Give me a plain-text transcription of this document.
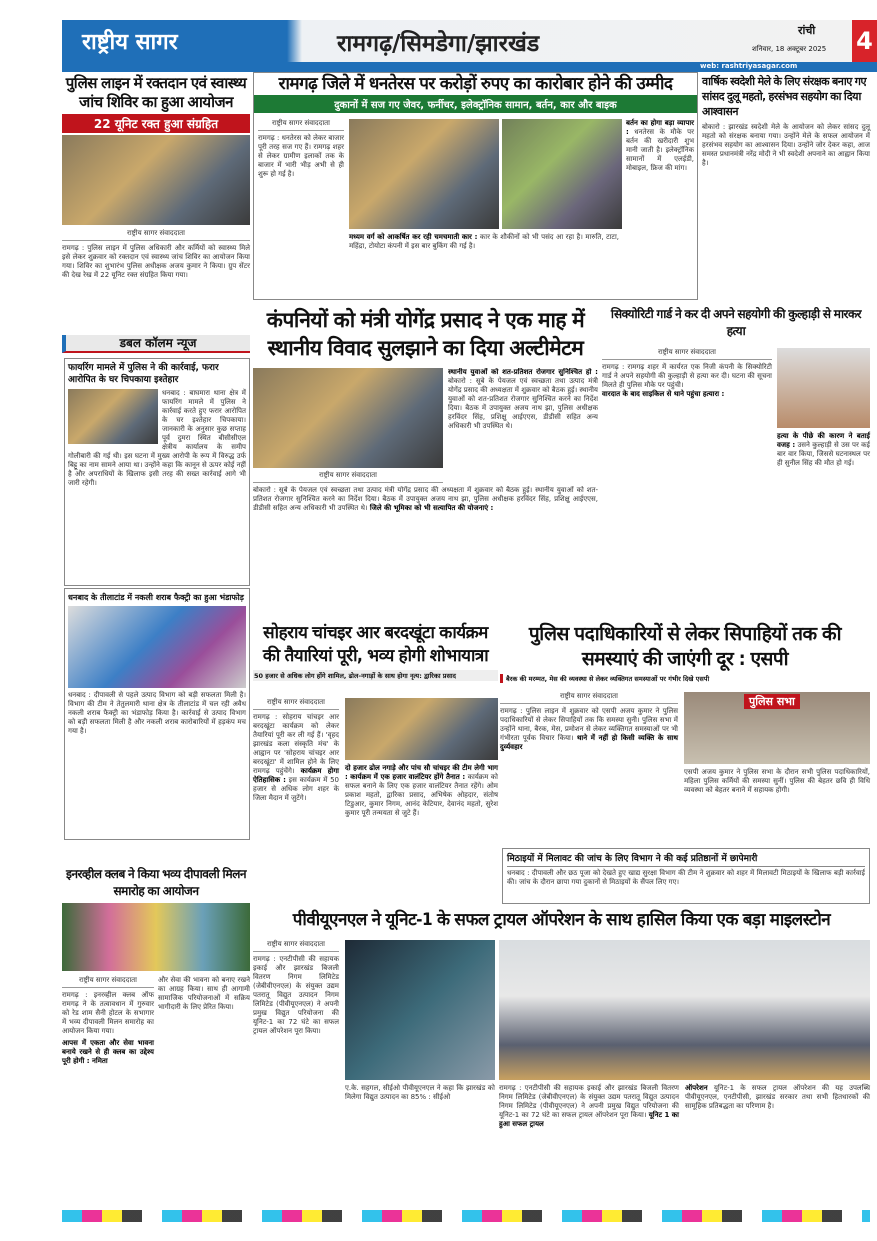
राष्ट्रीय सागर	रामगढ़/सिमडेगा/झारखंड
रांची
शनिवार, 18 अक्टूबर 2025 4
web: rashtriyasagar.com
पुलिस लाइन में रक्तदान एवं स्वास्थ्य जांच शिविर का हुआ आयोजन
22 यूनिट रक्त हुआ संग्रहित
राष्ट्रीय सागर संवाददाता
रामगढ़ : पुलिस लाइन में पुलिस अधिकारी और कर्मियों को स्वास्थ्य मिले इसे लेकर शुक्रवार को रक्तदान एवं स्वास्थ्य जांच शिविर का आयोजन किया गया। शिविर का शुभारंभ पुलिस अधीक्षक अजय कुमार ने किया। ग्रुप सेंटर की देख रेख में 22 यूनिट रक्त संग्रहित किया गया।
रामगढ़ जिले में धनतेरस पर करोड़ों रुपए का कारोबार होने की उम्मीद
दुकानों में सज गए जेवर, फर्नीचर, इलेक्ट्रॉनिक सामान, बर्तन, कार और बाइक
राष्ट्रीय सागर संवाददाता
रामगढ़ : धनतेरस को लेकर बाजार पूरी तरह सज गए हैं। रामगढ़ शहर से लेकर ग्रामीण इलाकों तक के बाजार में भारी भीड़ अभी से ही शुरू हो गई है।
मध्यम वर्ग को आकर्षित कर रही चमचमाती कार : कार के शौकीनों को भी पसंद आ रहा है। मारुति, टाटा, महिंद्रा, टोयोटा कंपनी में इस बार बुकिंग की गई है।
बर्तन का होगा बड़ा व्यापार : धनतेरस के मौके पर बर्तन की खरीदारी शुभ मानी जाती है। इलेक्ट्रॉनिक सामानों में एलईडी, मोबाइल, फ्रिज की मांग।
वार्षिक स्वदेशी मेले के लिए संरक्षक बनाए गए सांसद दुलू महतो, हरसंभव सहयोग का दिया आश्वासन
बोकारो : झारखंड स्वदेशी मेले के आयोजन को लेकर सांसद दुलू महतो को संरक्षक बनाया गया। उन्होंने मेले के सफल आयोजन में हरसंभव सहयोग का आश्वासन दिया। उन्होंने जोर देकर कहा, आज समस्त प्रधानमंत्री नरेंद्र मोदी ने भी स्वदेशी अपनाने का आह्वान किया है।
डबल कॉलम न्यूज
फायरिंग मामले में पुलिस ने की कार्रवाई, फरार आरोपित के घर चिपकाया इश्तेहार
धनबाद : बाघमारा थाना क्षेत्र में फायरिंग मामले में पुलिस ने कार्रवाई करते हुए फरार आरोपित के घर इश्तेहार चिपकाया। जानकारी के अनुसार कुछ सप्ताह पूर्व दुमरा स्थित बीसीसीएल क्षेत्रीय कार्यालय के समीप गोलीबारी की गई थी। इस घटना में मुख्य आरोपी के रूप में विरुद्ध उर्फ बिट्टू का नाम सामने आया था। उन्होंने कहा कि कानून से ऊपर कोई नहीं है और अपराधियों के खिलाफ इसी तरह की सख्त कार्रवाई आगे भी जारी रहेगी।
धनबाद के तीलाटांड में नकली शराब फैक्ट्री का हुआ भंडाफोड़
धनबाद : दीपावली से पहले उत्पाद विभाग को बड़ी सफलता मिली है। विभाग की टीम ने तेतुलमारी थाना क्षेत्र के तीलाटांड में चल रही अवैध नकली शराब फैक्ट्री का भंडाफोड़ किया है। कार्रवाई से उत्पाद विभाग को बड़ी सफलता मिली है और नकली शराब कारोबारियों में हड़कंप मच गया है।
कंपनियों को मंत्री योगेंद्र प्रसाद ने एक माह में स्थानीय विवाद सुलझाने का दिया अल्टीमेटम
राष्ट्रीय सागर संवाददाता
स्थानीय युवाओं को शत-प्रतिशत रोजगार सुनिश्चित हो : बोकारो : सूबे के पेयजल एवं स्वच्छता तथा उत्पाद मंत्री योगेंद्र प्रसाद की अध्यक्षता में शुक्रवार को बैठक हुई। स्थानीय युवाओं को शत-प्रतिशत रोजगार सुनिश्चित करने का निर्देश दिया। बैठक में उपायुक्त अजय नाथ झा, पुलिस अधीक्षक हरविंदर सिंह, प्रशिक्षु आईएएस, डीडीसी सहित अन्य अधिकारी भी उपस्थित थे।
बोकारो : सूबे के पेयजल एवं स्वच्छता तथा उत्पाद मंत्री योगेंद्र प्रसाद की अध्यक्षता में शुक्रवार को बैठक हुई। स्थानीय युवाओं को शत-प्रतिशत रोजगार सुनिश्चित करने का निर्देश दिया। बैठक में उपायुक्त अजय नाथ झा, पुलिस अधीक्षक हरविंदर सिंह, प्रशिक्षु आईएएस, डीडीसी सहित अन्य अधिकारी भी उपस्थित थे। जिले की भूमिका को भी सत्यापित की योजनाएं :
सिक्योरिटी गार्ड ने कर दी अपने सहयोगी की कुल्हाड़ी से मारकर हत्या
राष्ट्रीय सागर संवाददाता
रामगढ़ : रामगढ़ शहर में कार्यरत एक निजी कंपनी के सिक्योरिटी गार्ड ने अपने सहयोगी की कुल्हाड़ी से हत्या कर दी। घटना की सूचना मिलते ही पुलिस मौके पर पहुंची।
वारदात के बाद साइकिल से थाने पहुंचा हत्यारा :
हत्या के पीछे की कारण ने बताई वजह : उसने कुल्हाड़ी से उस पर कई बार वार किया, जिससे घटनास्थल पर ही सुनील सिंह की मौत हो गई।
सोहराय चांचइर आर बरदखूंटा कार्यक्रम की तैयारियां पूरी, भव्य होगी शोभायात्रा
50 हजार से अधिक लोग होंगे शामिल, ढोल-नगाड़ों के साथ होगा नृत्य: द्वारिका प्रसाद
राष्ट्रीय सागर संवाददाता
रामगढ़ : सोहराय चांचइर आर बरदखूंटा कार्यक्रम को लेकर तैयारियां पूरी कर ली गई हैं। 'वृहद झारखंड कला संस्कृति मंच' के आह्वान पर 'सोहराय चांचइर आर बरदखूंटा' में शामिल होने के लिए रामगढ़ पहुंचेंगे। कार्यक्रम होगा ऐतिहासिक : इस कार्यक्रम में 50 हजार से अधिक लोग शहर के जिला मैदान में जुटेंगे।
दो हजार ढोल नगाड़े और पांच सौ चांचइर की टीम लेगी भाग : कार्यक्रम में एक हजार वालंटियर होंगे तैनात : कार्यक्रम को सफल बनाने के लिए एक हजार वालंटियर तैनात रहेंगे। ओम प्रकाश महतो, द्वारिका प्रसाद, अभिषेक ओहदार, संतोष टिडुआर, कुमार निगम, आनंद केटियार, देवानंद महतो, सुरेश कुमार पूरी तन्मयता से जुटे हैं।
पुलिस पदाधिकारियों से लेकर सिपाहियों तक की समस्याएं की जाएंगी दूर : एसपी
बैरक की मरम्मत, मेस की व्यवस्था से लेकर व्यक्तिगत समस्याओं पर गंभीर दिखे एसपी
राष्ट्रीय सागर संवाददाता
रामगढ़ : पुलिस लाइन में शुक्रवार को एसपी अजय कुमार ने पुलिस पदाधिकारियों से लेकर सिपाहियों तक कि समस्या सुनी। पुलिस सभा में उन्होंने थाना, बैरक, मेस, प्रमोशन से लेकर व्यक्तिगत समस्याओं पर भी गंभीरता पूर्वक विचार किया। थाने में नहीं हो किसी व्यक्ति के साथ दुर्व्यवहार
पुलिस सभा
एसपी अजय कुमार ने पुलिस सभा के दौरान सभी पुलिस पदाधिकारियों, महिला पुलिस कर्मियों की समस्या सुनीं। पुलिस की बेहतर छवि ही विधि व्यवस्था को बेहतर बनाने में सहायक होगी।
मिठाइयों में मिलावट की जांच के लिए विभाग ने की कई प्रतिष्ठानों में छापेमारी
धनबाद : दीपावली और छठ पूजा को देखते हुए खाद्य सुरक्षा विभाग की टीम ने शुक्रवार को शहर में मिलावटी मिठाइयों के खिलाफ बड़ी कार्रवाई की। जांच के दौरान छापा गया दुकानों से मिठाइयों के सैंपल लिए गए।
इनरव्हील क्लब ने किया भव्य दीपावली मिलन समारोह का आयोजन
राष्ट्रीय सागर संवाददाता
रामगढ़ : इनरव्हील क्लब ऑफ रामगढ़ ने के तत्वावधान में गुरुवार को रेड शाम सैनी होटल के सभागार में भव्य दीपावली मिलन समारोह का आयोजन किया गया।
आपस में एकता और सेवा भावना बनाये रखने से ही क्लब का उद्देश्य पूरी होगी : नमिता
और सेवा की भावना को बनाए रखने का आग्रह किया। साथ ही आगामी सामाजिक परियोजनाओं में सक्रिय भागीदारी के लिए प्रेरित किया।
पीवीयूएनएल ने यूनिट-1 के सफल ट्रायल ऑपरेशन के साथ हासिल किया एक बड़ा माइलस्टोन
राष्ट्रीय सागर संवाददाता
रामगढ़ : एनटीपीसी की सहायक इकाई और झारखंड बिजली वितरण निगम लिमिटेड (जेबीवीएनएल) के संयुक्त उद्यम पतरातू विद्युत उत्पादन निगम लिमिटेड (पीवीयूएनएल) ने अपनी प्रमुख विद्युत परियोजना की यूनिट-1 का 72 घंटे का सफल ट्रायल ऑपरेशन पूरा किया।
ए.के. सहगल, सीईओ पीवीयूएनएल ने कहा कि झारखंड को मिलेगा विद्युत उत्पादन का 85% : सीईओ
रामगढ़ : एनटीपीसी की सहायक इकाई और झारखंड बिजली वितरण निगम लिमिटेड (जेबीवीएनएल) के संयुक्त उद्यम पतरातू विद्युत उत्पादन निगम लिमिटेड (पीवीयूएनएल) ने अपनी प्रमुख विद्युत परियोजना की यूनिट-1 का 72 घंटे का सफल ट्रायल ऑपरेशन पूरा किया। यूनिट 1 का हुआ सफल ट्रायल
ऑपरेशन यूनिट-1 के सफल ट्रायल ऑपरेशन की यह उपलब्धि पीवीयूएनएल, एनटीपीसी, झारखंड सरकार तथा सभी हितधारकों की सामूहिक प्रतिबद्धता का परिणाम है।
